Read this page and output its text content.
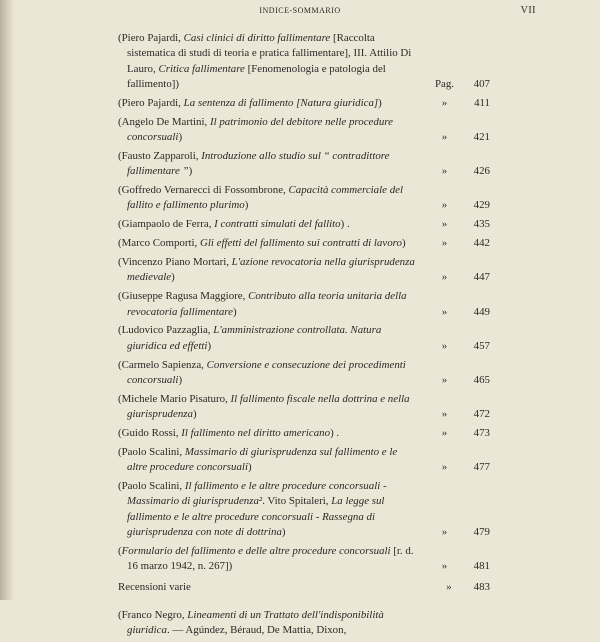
INDICE-SOMMARIO	VII
(Piero Pajardi, Casi clinici di diritto fallimentare [Raccolta sistematica di studi di teoria e pratica fallimentare], III. Attilio Di Lauro, Critica fallimentare [Fenomenologia e patologia del fallimento])	Pag. 407
(Piero Pajardi, La sentenza di fallimento [Natura giuridica])	» 411
(Angelo De Martini, Il patrimonio del debitore nelle procedure concorsuali)	» 421
(Fausto Zapparoli, Introduzione allo studio sul “ contradittore fallimentare ”)	» 426
(Goffredo Vernarecci di Fossombrone, Capacità commerciale del fallito e fallimento plurimo)	» 429
(Giampaolo de Ferra, I contratti simulati del fallito) .	» 435
(Marco Comporti, Gli effetti del fallimento sui contratti di lavoro)	» 442
(Vincenzo Piano Mortari, L'azione revocatoria nella giurisprudenza medievale)	» 447
(Giuseppe Ragusa Maggiore, Contributo alla teoria unitaria della revocatoria fallimentare)	» 449
(Ludovico Pazzaglia, L'amministrazione controllata. Natura giuridica ed effetti)	» 457
(Carmelo Sapienza, Conversione e consecuzione dei procedimenti concorsuali)	» 465
(Michele Mario Pisaturo, Il fallimento fiscale nella dottrina e nella giurisprudenza)	» 472
(Guido Rossi, Il fallimento nel diritto americano) .	» 473
(Paolo Scalini, Massimario di giurisprudenza sul fallimento e le altre procedure concorsuali)	» 477
(Paolo Scalini, Il fallimento e le altre procedure concorsuali - Massimario di giurisprudenza². Vito Spitaleri, La legge sul fallimento e le altre procedure concorsuali - Rassegna di giurisprudenza con note di dottrina)	» 479
(Formulario del fallimento e delle altre procedure concorsuali [r. d. 16 marzo 1942, n. 267])	» 481
Recensioni varie	» 483
(Franco Negro, Lineamenti di un Trattato dell'indisponibilità giuridica. — Agúndez, Béraud, De Mattia, Dixon,
